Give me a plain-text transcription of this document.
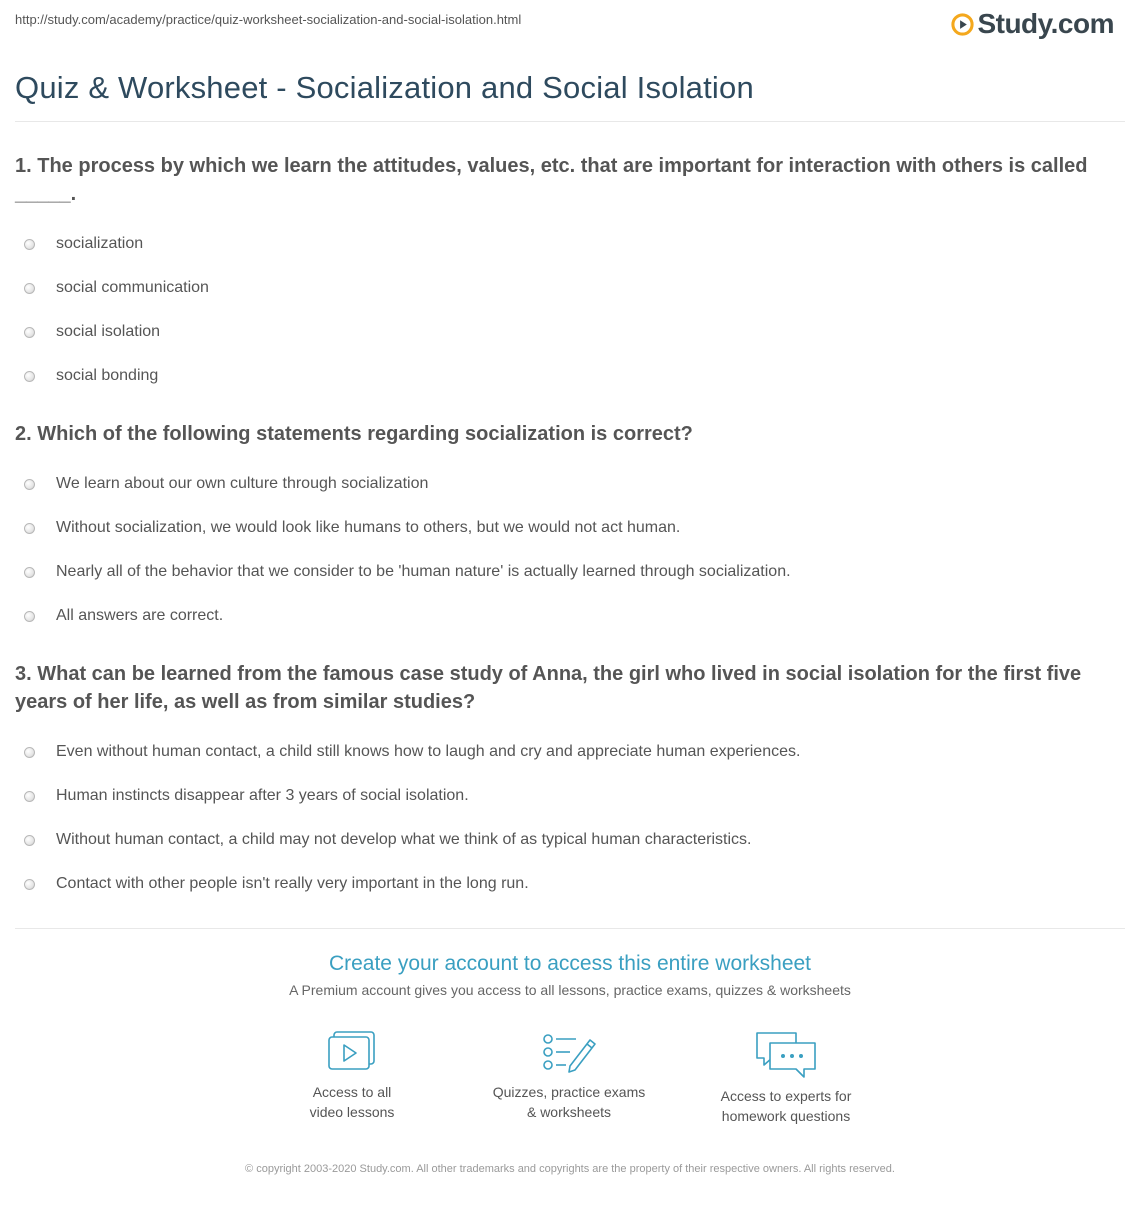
http://study.com/academy/practice/quiz-worksheet-socialization-and-social-isolation.html	Study.com
Quiz & Worksheet - Socialization and Social Isolation

1. The process by which we learn the attitudes, values, etc. that are important for interaction with others is called _____.

socialization
social communication
social isolation
social bonding

2. Which of the following statements regarding socialization is correct?

We learn about our own culture through socialization
Without socialization, we would look like humans to others, but we would not act human.
Nearly all of the behavior that we consider to be 'human nature' is actually learned through socialization.
All answers are correct.

3. What can be learned from the famous case study of Anna, the girl who lived in social isolation for the first five years of her life, as well as from similar studies?

Even without human contact, a child still knows how to laugh and cry and appreciate human experiences.
Human instincts disappear after 3 years of social isolation.
Without human contact, a child may not develop what we think of as typical human characteristics.
Contact with other people isn't really very important in the long run.
Create your account to access this entire worksheet
A Premium account gives you access to all lessons, practice exams, quizzes & worksheets
Access to all
video lessons
Quizzes, practice exams
& worksheets
Access to experts for
homework questions
© copyright 2003-2020 Study.com. All other trademarks and copyrights are the property of their respective owners. All rights reserved.
